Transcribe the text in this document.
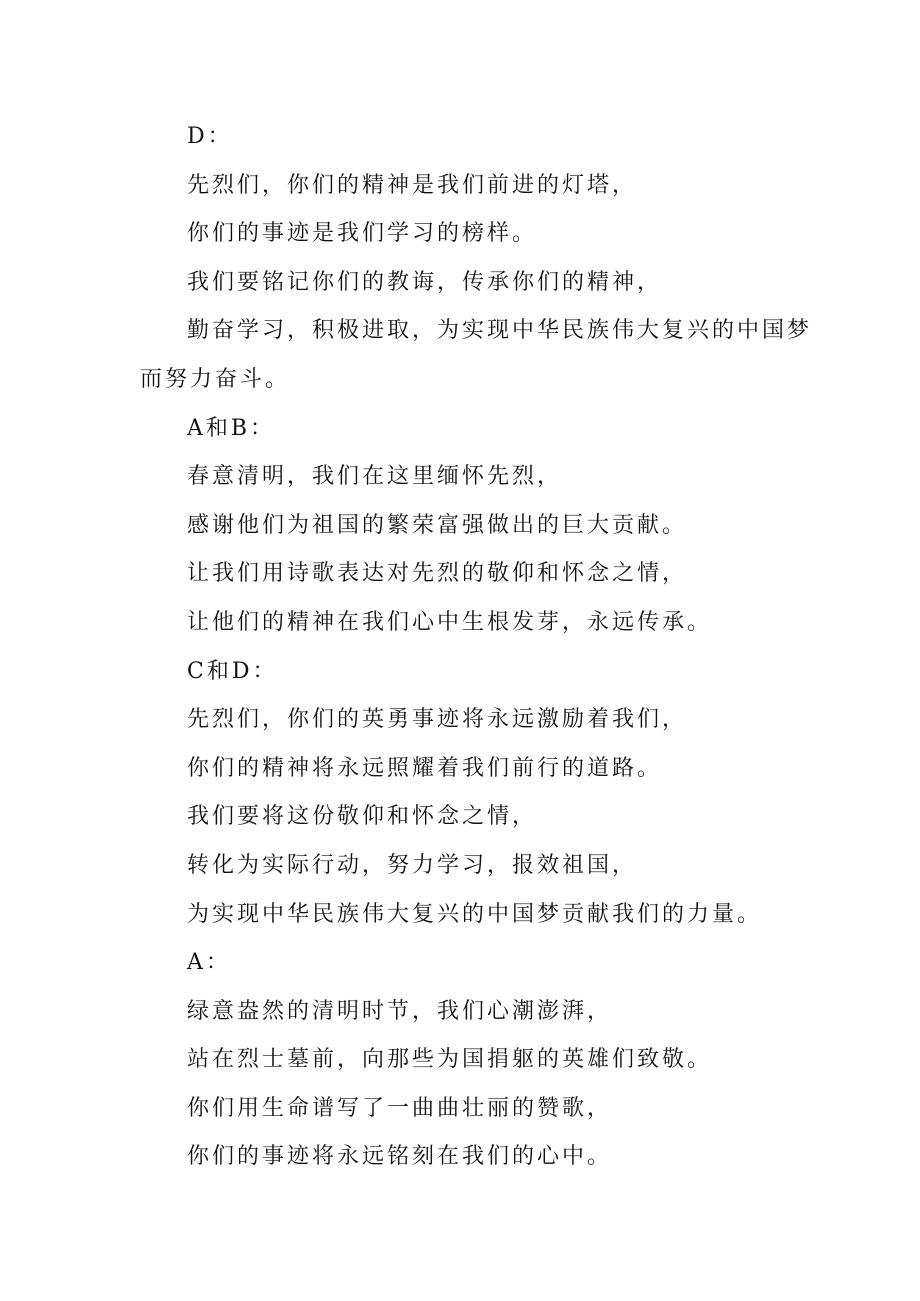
D：
先烈们，你们的精神是我们前进的灯塔，
你们的事迹是我们学习的榜样。
我们要铭记你们的教诲，传承你们的精神，
勤奋学习，积极进取，为实现中华民族伟大复兴的中国梦
而努力奋斗。
A和B：
春意清明，我们在这里缅怀先烈，
感谢他们为祖国的繁荣富强做出的巨大贡献。
让我们用诗歌表达对先烈的敬仰和怀念之情，
让他们的精神在我们心中生根发芽，永远传承。
C和D：
先烈们，你们的英勇事迹将永远激励着我们，
你们的精神将永远照耀着我们前行的道路。
我们要将这份敬仰和怀念之情，
转化为实际行动，努力学习，报效祖国，
为实现中华民族伟大复兴的中国梦贡献我们的力量。
A：
绿意盎然的清明时节，我们心潮澎湃，
站在烈士墓前，向那些为国捐躯的英雄们致敬。
你们用生命谱写了一曲曲壮丽的赞歌，
你们的事迹将永远铭刻在我们的心中。
